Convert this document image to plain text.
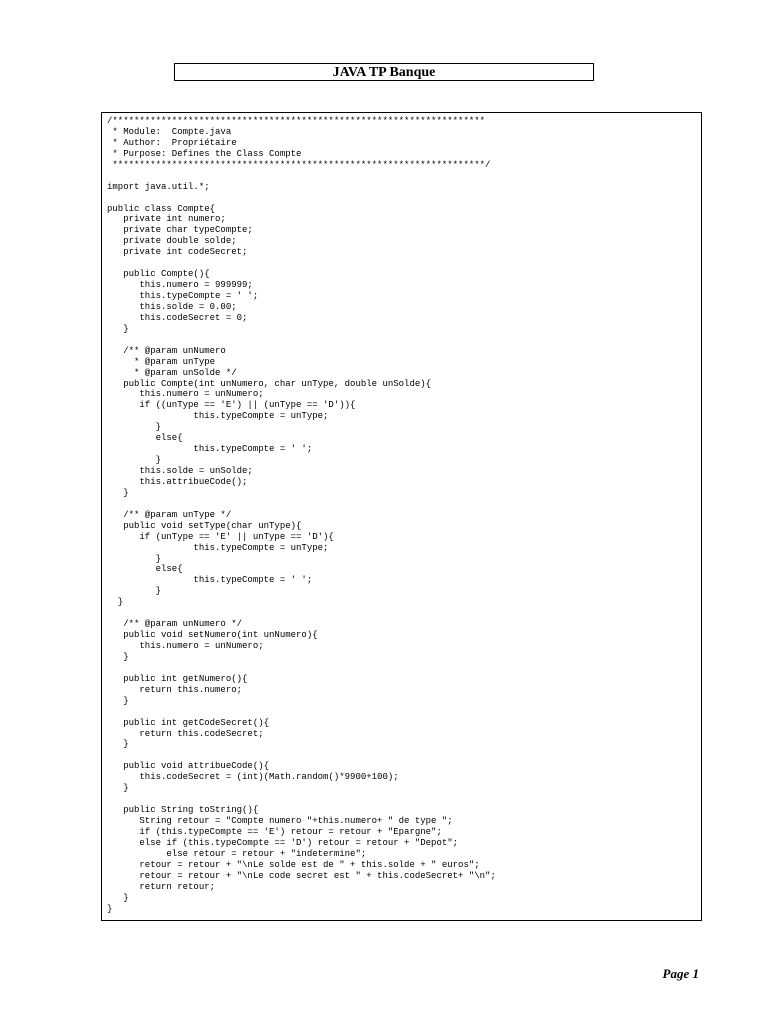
JAVA TP Banque
/*********************************************************************
* Module:  Compte.java
* Author:  Propriétaire
* Purpose: Defines the Class Compte
*********************************************************************/
import java.util.*;
public class Compte{
private int numero;
private char typeCompte;
private double solde;
private int codeSecret;
public Compte(){
this.numero = 999999;
this.typeCompte = ' ';
this.solde = 0.00;
this.codeSecret = 0;
}
/** @param unNumero
* @param unType
* @param unSolde */
public Compte(int unNumero, char unType, double unSolde){
this.numero = unNumero;
if ((unType == 'E') || (unType == 'D')){
this.typeCompte = unType;
}
else{
this.typeCompte = ' ';
}
this.solde = unSolde;
this.attribueCode();
}
/** @param unType */
public void setType(char unType){
if (unType == 'E' || unType == 'D'){
this.typeCompte = unType;
}
else{
this.typeCompte = ' ';
}
}
/** @param unNumero */
public void setNumero(int unNumero){
this.numero = unNumero;
}
public int getNumero(){
return this.numero;
}
public int getCodeSecret(){
return this.codeSecret;
}
public void attribueCode(){
this.codeSecret = (int)(Math.random()*9900+100);
}
public String toString(){
String retour = "Compte numero "+this.numero+ " de type ";
if (this.typeCompte == 'E') retour = retour + "Epargne";
else if (this.typeCompte == 'D') retour = retour + "Depot";
else retour = retour + "indetermine";
retour = retour + "\nLe solde est de " + this.solde + " euros";
retour = retour + "\nLe code secret est " + this.codeSecret+ "\n";
return retour;
}
}
Page 1
